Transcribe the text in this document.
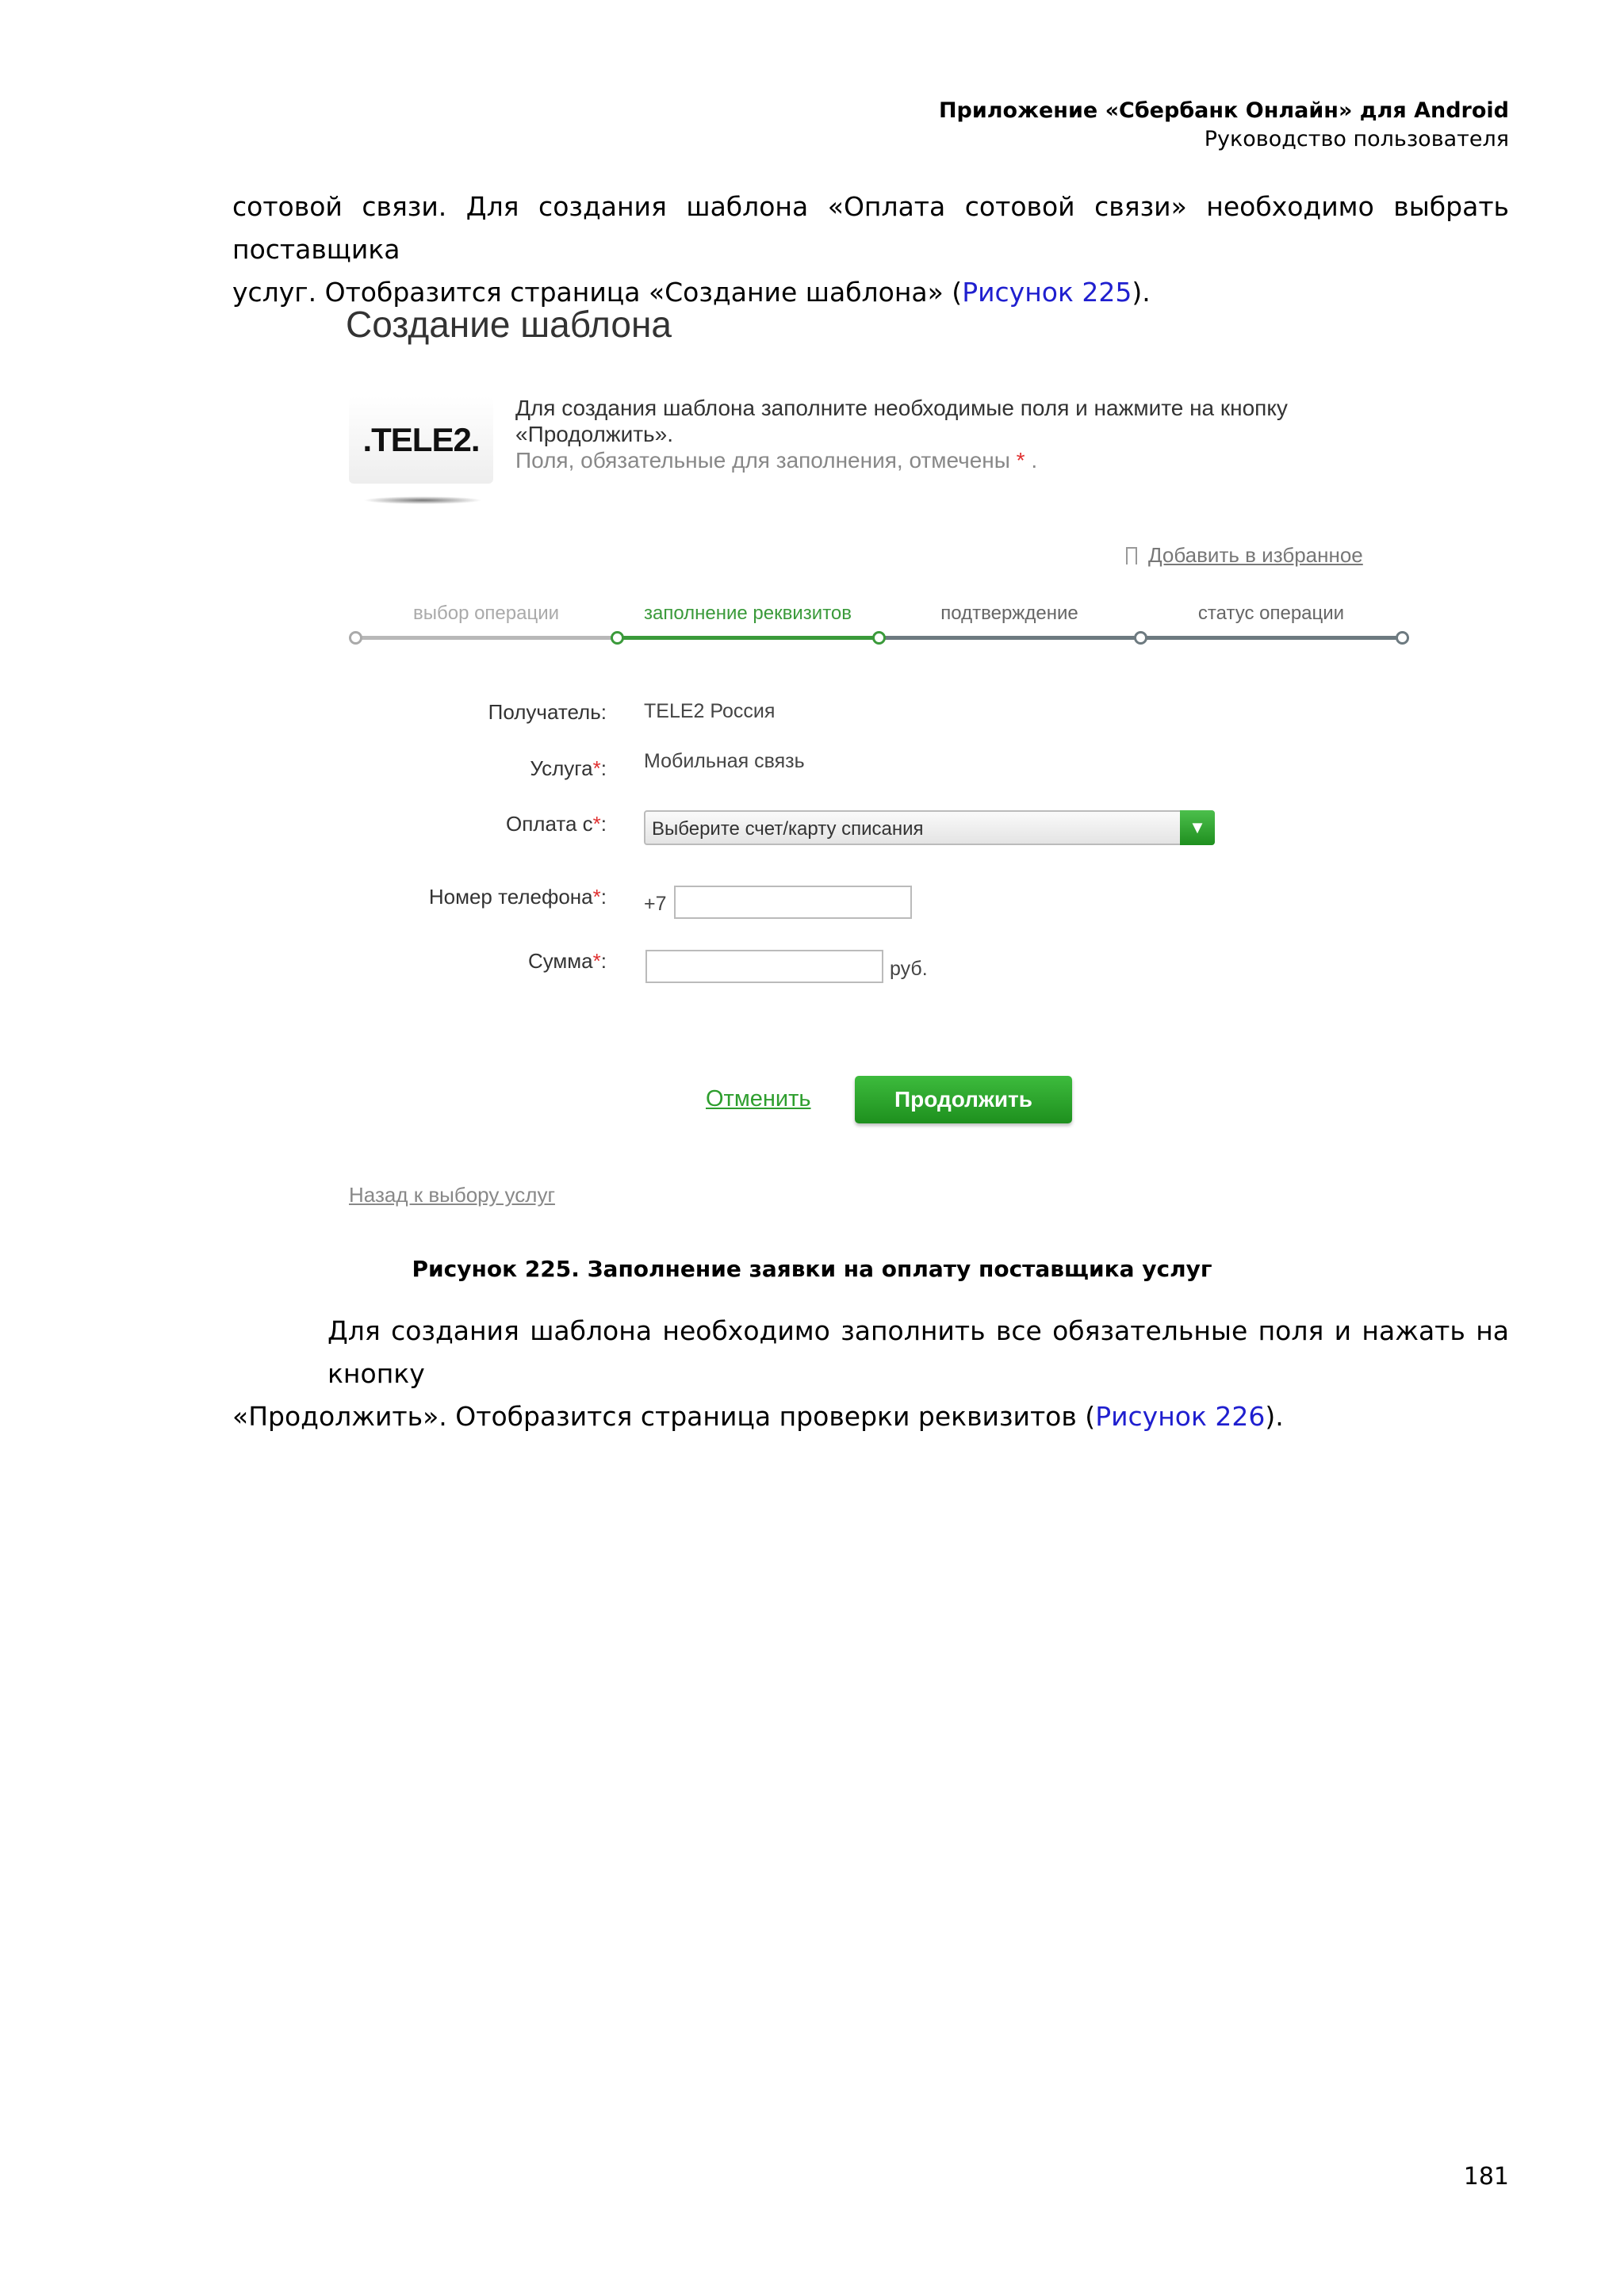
Приложение «Сбербанк Онлайн» для Android
Руководство пользователя
сотовой связи. Для создания шаблона «Оплата сотовой связи» необходимо выбрать поставщика
услуг. Отобразится страница «Создание шаблона» (Рисунок 225).
Создание шаблона
.TELE2.
Для создания шаблона заполните необходимые поля и нажмите на кнопку
«Продолжить».
Поля, обязательные для заполнения, отмечены * .
Добавить в избранное
выбор операции	заполнение реквизитов	подтверждение	статус операции
Получатель: TELE2 Россия
Услуга*: Мобильная связь
Оплата с*: Выберите счет/карту списания	▼
Номер телефона*: +7
Сумма*:	руб.
Отменить	Продолжить
Назад к выбору услуг
Рисунок 225. Заполнение заявки на оплату поставщика услуг
Для создания шаблона необходимо заполнить все обязательные поля и нажать на кнопку
«Продолжить». Отобразится страница проверки реквизитов (Рисунок 226).
181
